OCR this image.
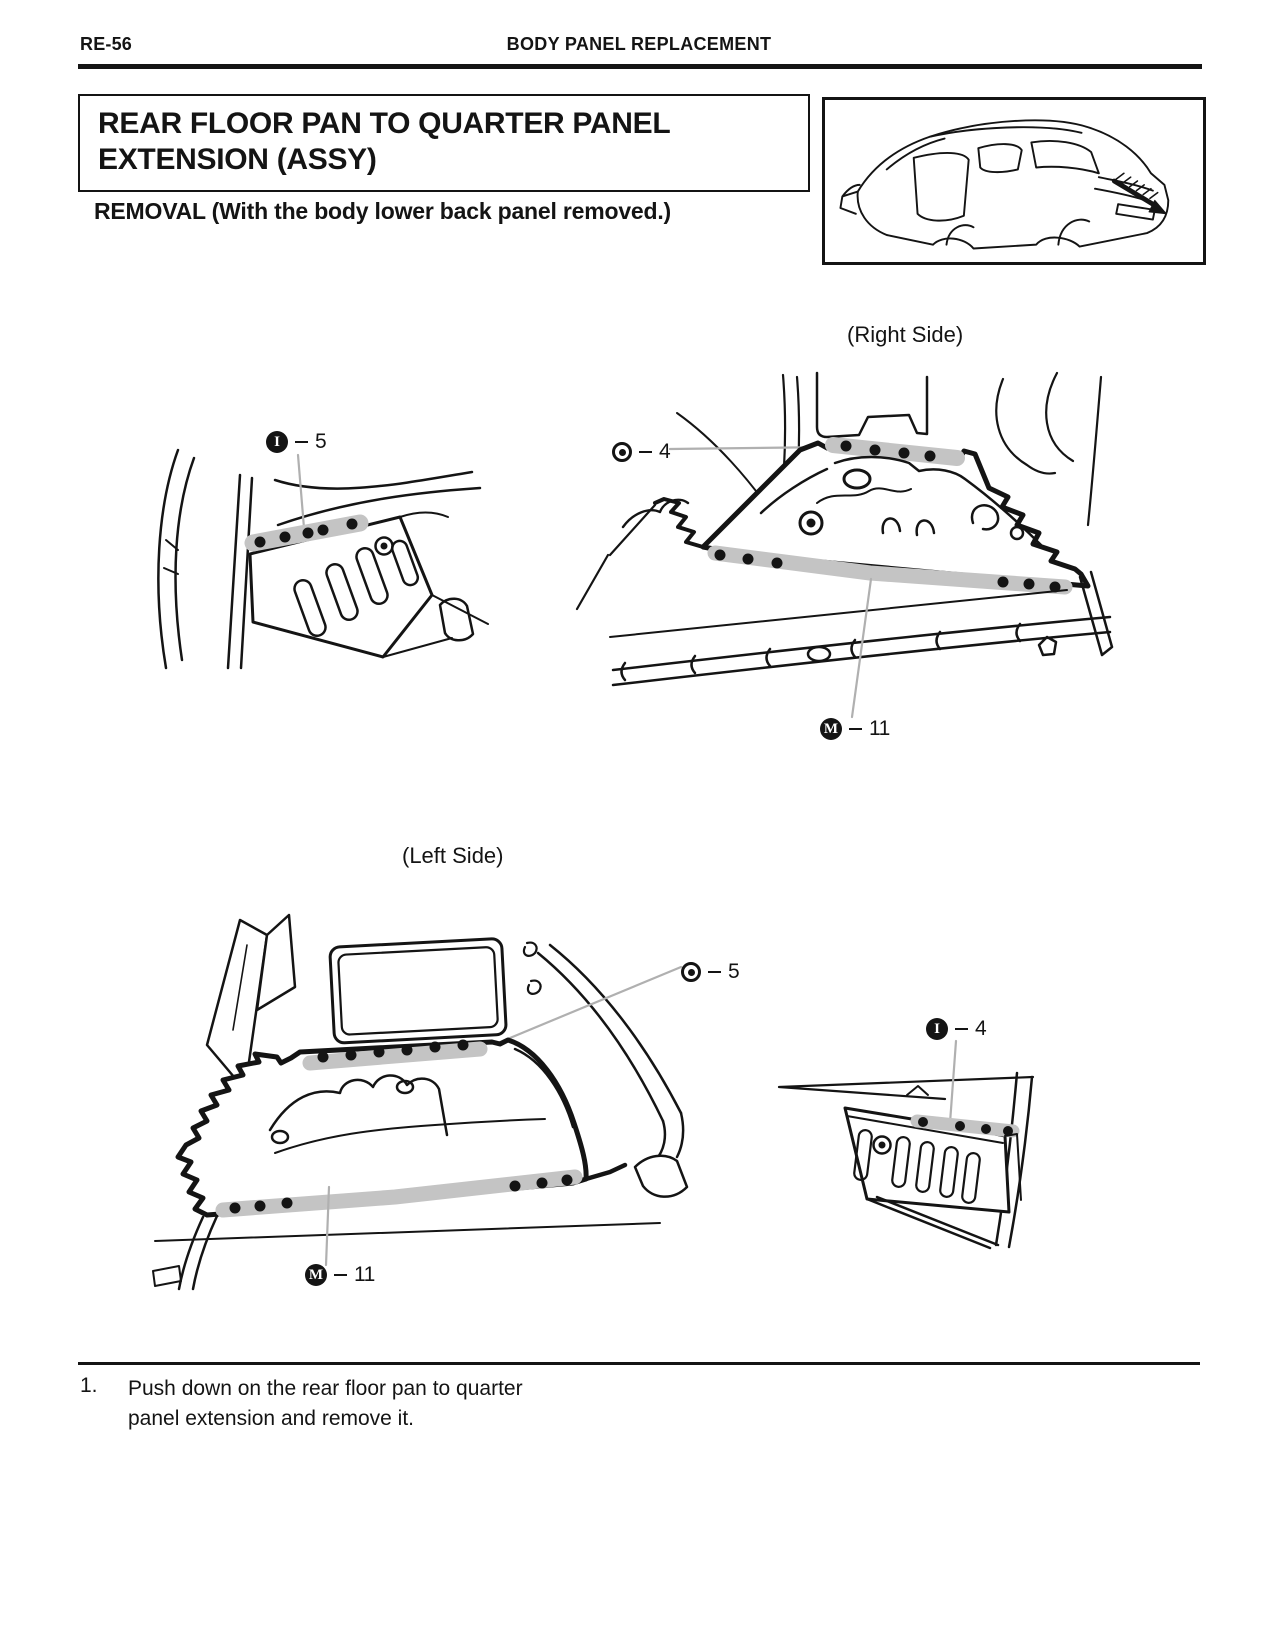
RE-56	BODY PANEL REPLACEMENT
REAR FLOOR PAN TO QUARTER PANEL
EXTENSION (ASSY)
REMOVAL (With the body lower back panel removed.)
(Right Side)
(Left Side)
I	5	4
M 11
5
I	4
M 11
1. Push down on the rear floor pan to quarter
panel extension and remove it.
